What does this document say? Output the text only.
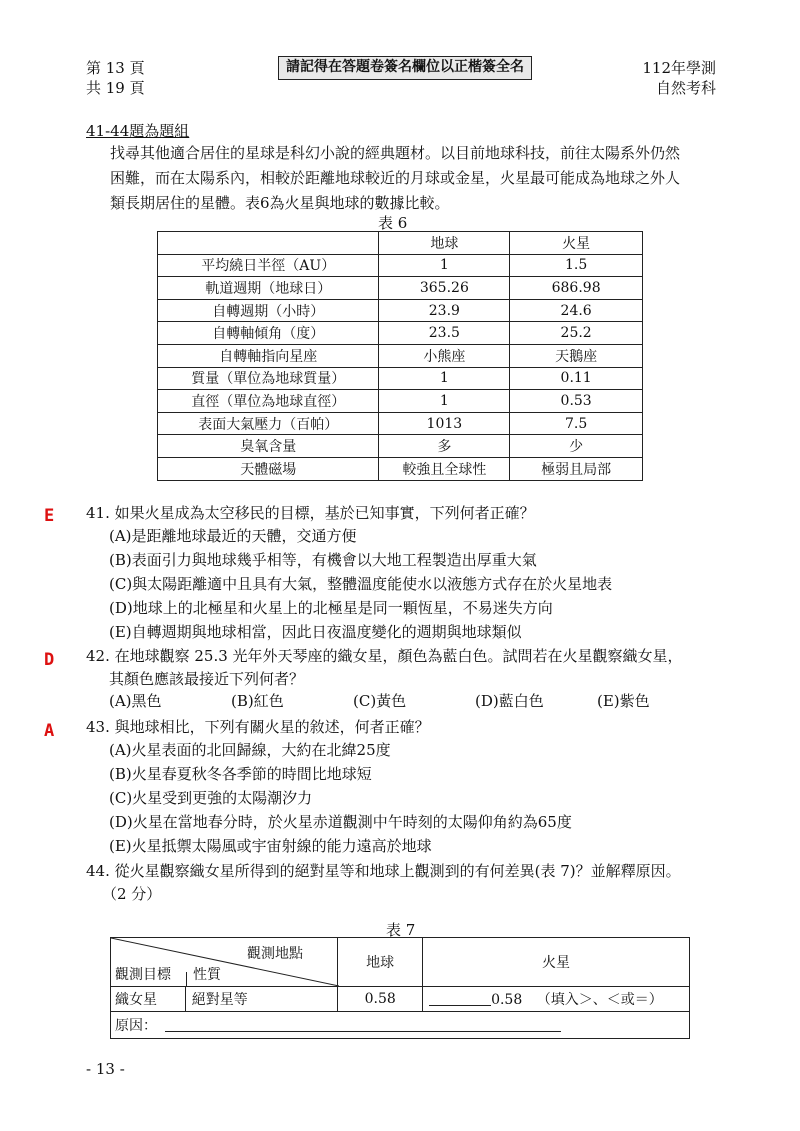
第 13 頁
共 19 頁
請記得在答題卷簽名欄位以正楷簽全名	112年學測
自然考科
41-44題為題組
找尋其他適合居住的星球是科幻小說的經典題材。以目前地球科技，前往太陽系外仍然
困難，而在太陽系內，相較於距離地球較近的月球或金星，火星最可能成為地球之外人
類長期居住的星體。表6為火星與地球的數據比較。
表 6
	地球	火星
平均繞日半徑（AU）	1	1.5
軌道週期（地球日）	365.26	686.98
自轉週期（小時）	23.9	24.6
自轉軸傾角（度）	23.5	25.2
自轉軸指向星座	小熊座	天鵝座
質量（單位為地球質量）	1	0.11
直徑（單位為地球直徑）	1	0.53
表面大氣壓力（百帕）	1013	7.5
臭氧含量	多	少
天體磁場	較強且全球性	極弱且局部
E 41. 如果火星成為太空移民的目標，基於已知事實，下列何者正確？
(A)是距離地球最近的天體，交通方便
(B)表面引力與地球幾乎相等，有機會以大地工程製造出厚重大氣
(C)與太陽距離適中且具有大氣，整體溫度能使水以液態方式存在於火星地表
(D)地球上的北極星和火星上的北極星是同一顆恆星，不易迷失方向
(E)自轉週期與地球相當，因此日夜溫度變化的週期與地球類似
D 42. 在地球觀察 25.3 光年外天琴座的織女星，顏色為藍白色。試問若在火星觀察織女星，
其顏色應該最接近下列何者？
(A)黑色	(B)紅色	(C)黃色	(D)藍白色	(E)紫色
A 43. 與地球相比，下列有關火星的敘述，何者正確？
(A)火星表面的北回歸線，大約在北緯25度
(B)火星春夏秋冬各季節的時間比地球短
(C)火星受到更強的太陽潮汐力
(D)火星在當地春分時，於火星赤道觀測中午時刻的太陽仰角約為65度
(E)火星抵禦太陽風或宇宙射線的能力遠高於地球
44. 從火星觀察織女星所得到的絕對星等和地球上觀測到的有何差異(表 7)？並解釋原因。
（2 分）
表 7
觀測地點
觀測目標 性質		地球	火星
織女星	絕對星等	0.58	0.58 （填入＞、＜或＝）
原因：			
- 13 -
